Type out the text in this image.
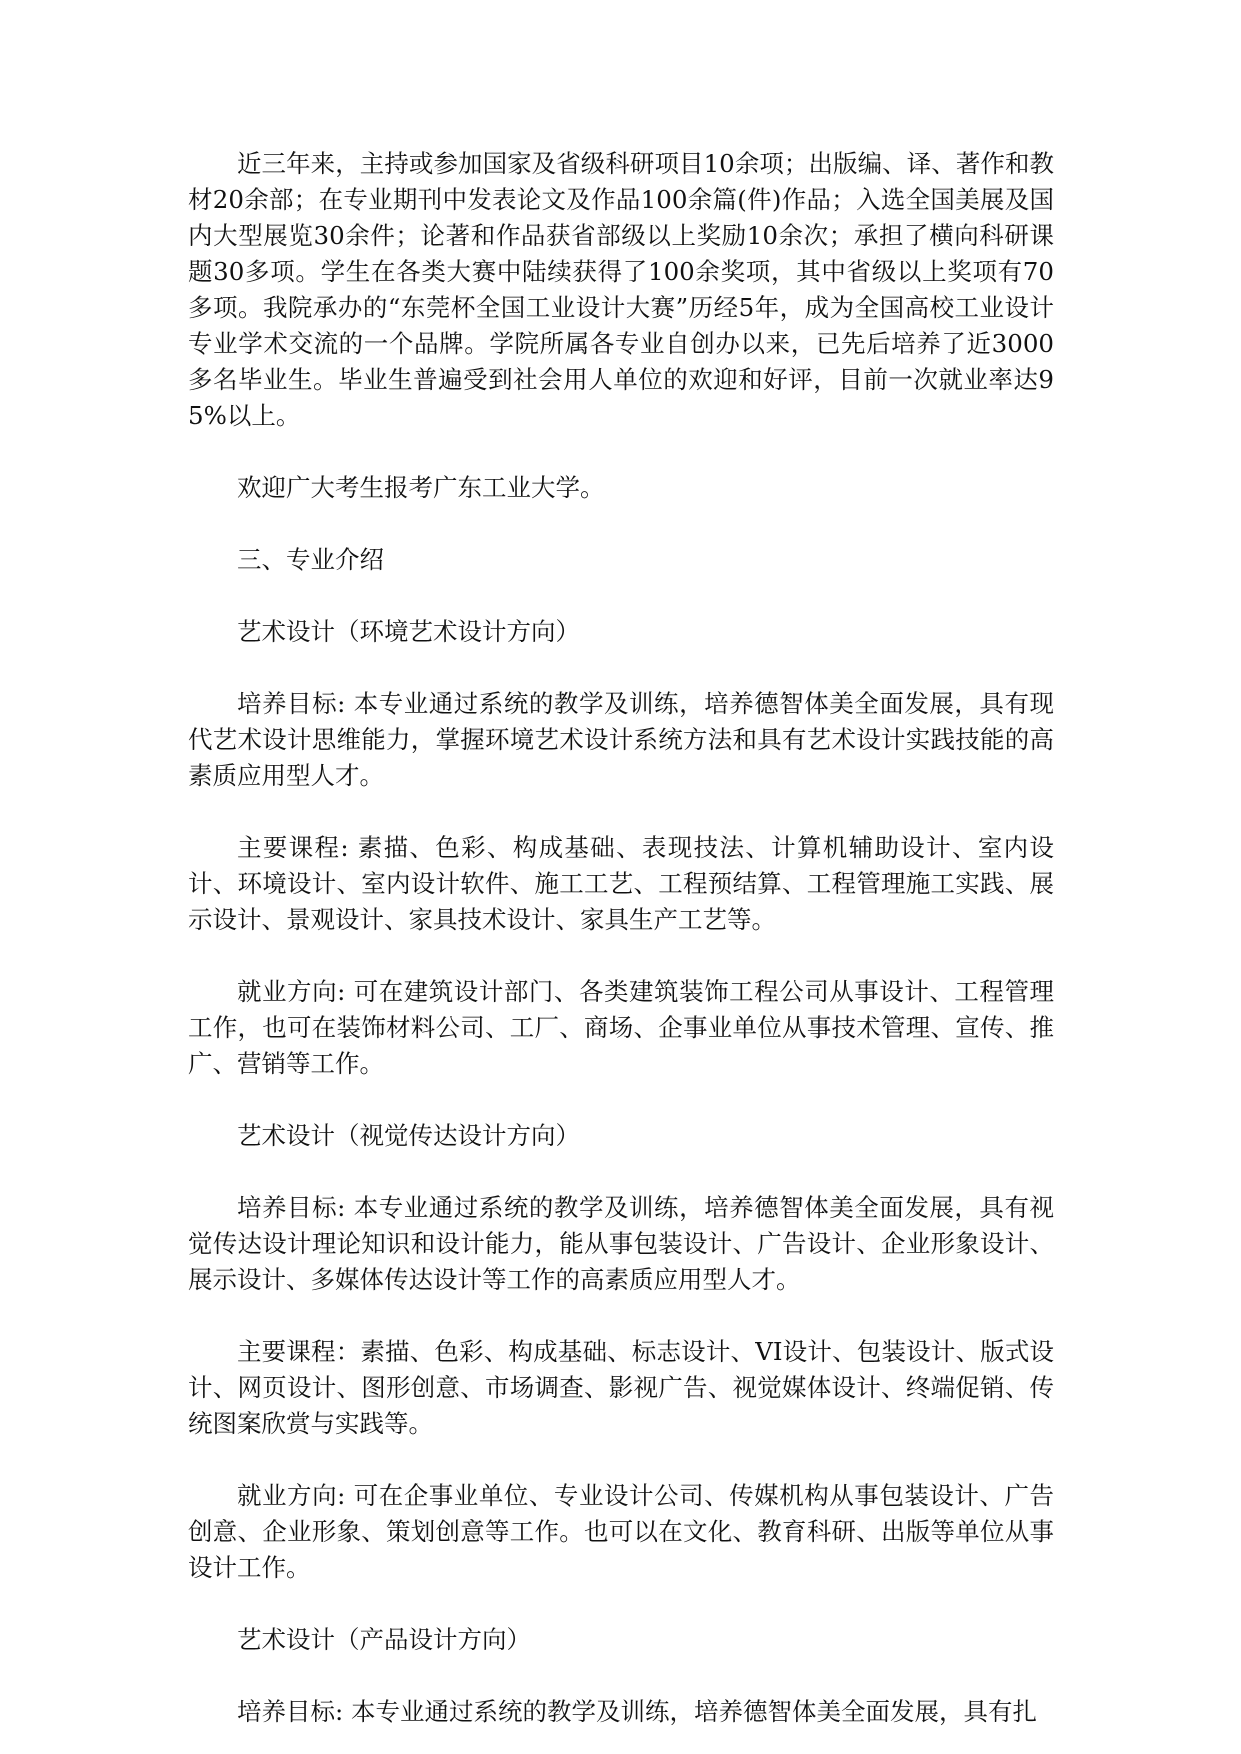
近三年来，主持或参加国家及省级科研项目10余项；出版编、译、著作和教材20余部；在专业期刊中发表论文及作品100余篇(件)作品；入选全国美展及国内大型展览30余件；论著和作品获省部级以上奖励10余次；承担了横向科研课题30多项。学生在各类大赛中陆续获得了100余奖项，其中省级以上奖项有70多项。我院承办的“东莞杯全国工业设计大赛”历经5年，成为全国高校工业设计专业学术交流的一个品牌。学院所属各专业自创办以来，已先后培养了近3000多名毕业生。毕业生普遍受到社会用人单位的欢迎和好评，目前一次就业率达95%以上。

欢迎广大考生报考广东工业大学。

三、专业介绍

艺术设计（环境艺术设计方向）

培养目标: 本专业通过系统的教学及训练，培养德智体美全面发展，具有现代艺术设计思维能力，掌握环境艺术设计系统方法和具有艺术设计实践技能的高素质应用型人才。

主要课程: 素描、色彩、构成基础、表现技法、计算机辅助设计、室内设计、环境设计、室内设计软件、施工工艺、工程预结算、工程管理施工实践、展示设计、景观设计、家具技术设计、家具生产工艺等。

就业方向: 可在建筑设计部门、各类建筑装饰工程公司从事设计、工程管理工作，也可在装饰材料公司、工厂、商场、企事业单位从事技术管理、宣传、推广、营销等工作。

艺术设计（视觉传达设计方向）

培养目标: 本专业通过系统的教学及训练，培养德智体美全面发展，具有视觉传达设计理论知识和设计能力，能从事包装设计、广告设计、企业形象设计、展示设计、多媒体传达设计等工作的高素质应用型人才。

主要课程：素描、色彩、构成基础、标志设计、VI设计、包装设计、版式设计、网页设计、图形创意、市场调查、影视广告、视觉媒体设计、终端促销、传统图案欣赏与实践等。

就业方向: 可在企事业单位、专业设计公司、传媒机构从事包装设计、广告创意、企业形象、策划创意等工作。也可以在文化、教育科研、出版等单位从事设计工作。

艺术设计（产品设计方向）

培养目标: 本专业通过系统的教学及训练，培养德智体美全面发展，具有扎
